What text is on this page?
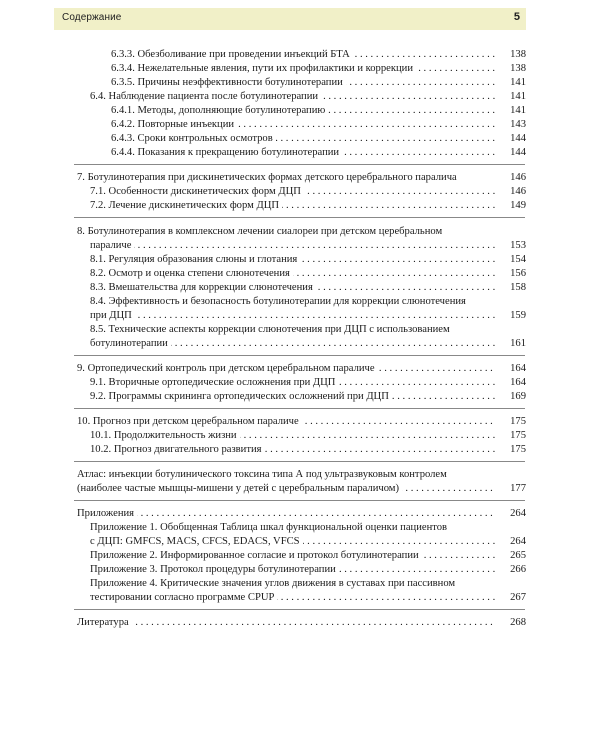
Содержание	5
. . . 6.3.3. Обезболивание при проведении инъекций БТА	138
. . . 6.3.4. Нежелательные явления, пути их профилактики и коррекции	138
. . . 6.3.5. Причины неэффективности ботулинотерапии	141
. . . 6.4. Наблюдение пациента после ботулинотерапии	141
. . . 6.4.1. Методы, дополняющие ботулинотерапию	141
. . . 6.4.2. Повторные инъекции	143
. . . 6.4.3. Сроки контрольных осмотров	144
. . . 6.4.4. Показания к прекращению ботулинотерапии	144
7. Ботулинотерапия при дискинетических формах детского церебрального паралича	146
. . . 7.1. Особенности дискинетических форм ДЦП	146
. . . 7.2. Лечение дискинетических форм ДЦП	149
8. Ботулинотерапия в комплексном лечении сиалореи при детском церебральном
. . . параличе	153
. . . 8.1. Регуляция образования слюны и глотания	154
. . . 8.2. Осмотр и оценка степени слюнотечения	156
. . . 8.3. Вмешательства для коррекции слюнотечения	158
8.4. Эффективность и безопасность ботулинотерапии для коррекции слюнотечения
. . . при ДЦП	159
8.5. Технические аспекты коррекции слюнотечения при ДЦП с использованием
. . . ботулинотерапии	161
. . . 9. Ортопедический контроль при детском церебральном параличе	164
. . . 9.1. Вторичные ортопедические осложнения при ДЦП	164
. . . 9.2. Программы скрининга ортопедических осложнений при ДЦП	169
. . . 10. Прогноз при детском церебральном параличе	175
. . . 10.1. Продолжительность жизни	175
. . . 10.2. Прогноз двигательного развития	175
Атлас: инъекции ботулинического токсина типа А под ультразвуковым контролем
. . . (наиболее частые мышцы-мишени у детей с церебральным параличом)	177
. . . Приложения	264
Приложение 1. Обобщенная Таблица шкал функциональной оценки пациентов
. . . с ДЦП: GMFCS, MACS, CFCS, EDACS, VFCS	264
. . . Приложение 2. Информированное согласие и протокол ботулинотерапии	265
. . . Приложение 3. Протокол процедуры ботулинотерапии	266
Приложение 4. Критические значения углов движения в суставах при пассивном
. . . тестировании согласно программе CPUP	267
. . . Литература	268
